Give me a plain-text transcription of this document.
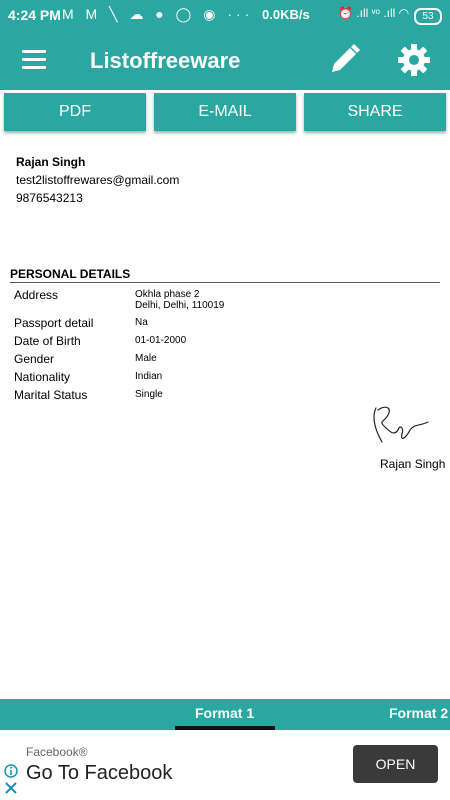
4:24 PM M M ╲ ☁ ● ◯ ◉ ··· 0.0KB/s ⏰ .ıll ᵛᵒ .ıll ◠	53
Listoffreeware
PDF	E-MAIL	SHARE
Rajan Singh
test2listoffrewares@gmail.com
9876543213
PERSONAL DETAILS
Address	Okhla phase 2
Delhi, Delhi, 110019
Passport detail	Na
Date of Birth	01-01-2000
Gender	Male
Nationality	Indian
Marital Status	Single
Rajan Singh
Format 1	Format 2
Facebook®
Go To Facebook	OPEN
